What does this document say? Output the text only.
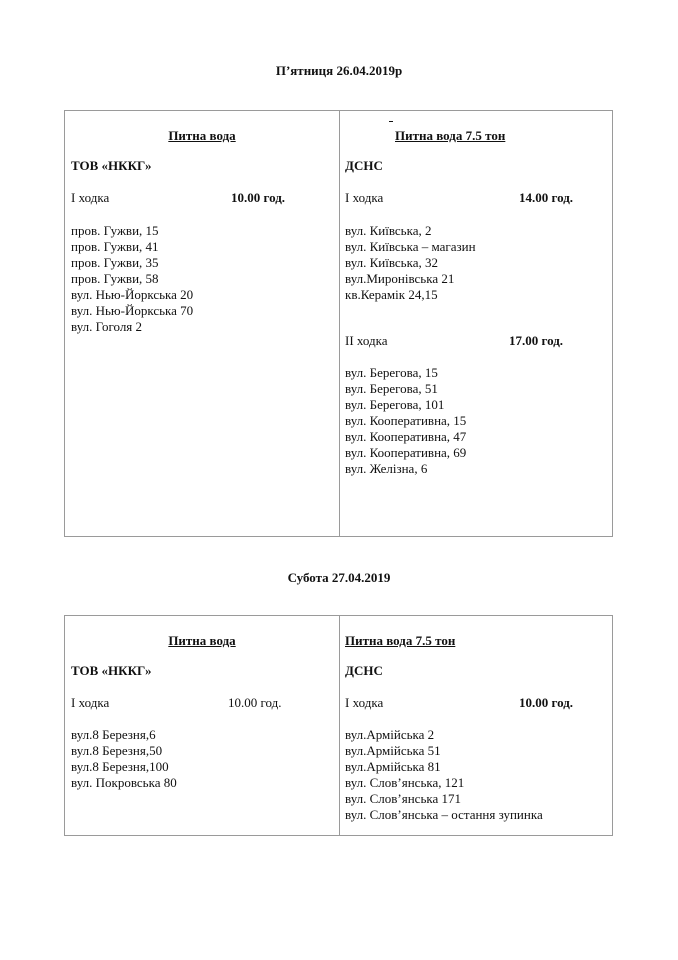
П’ятниця 26.04.2019р
Питна вода
ТОВ «НККГ»
І ходка	10.00 год.
пров. Гужви, 15
пров. Гужви, 41
пров. Гужви, 35
пров. Гужви, 58
вул. Нью-Йоркська 20
вул. Нью-Йоркська 70
вул. Гоголя 2
Питна вода 7.5 тон
ДСНС
І ходка	14.00 год.
вул. Київська, 2
вул. Київська – магазин
вул. Київська, 32
вул.Миронівська 21
кв.Керамік 24,15
ІІ ходка	17.00 год.
вул. Берегова, 15
вул. Берегова, 51
вул. Берегова, 101
вул. Кооперативна, 15
вул. Кооперативна, 47
вул. Кооперативна, 69
вул. Желізна, 6
Субота 27.04.2019
Питна вода
ТОВ «НККГ»
І ходка	10.00 год.
вул.8 Березня,6
вул.8 Березня,50
вул.8 Березня,100
вул. Покровська 80
Питна вода 7.5 тон
ДСНС
І ходка	10.00 год.
вул.Армійська 2
вул.Армійська 51
вул.Армійська 81
вул. Слов’янська, 121
вул. Слов’янська 171
вул. Слов’янська – остання зупинка
